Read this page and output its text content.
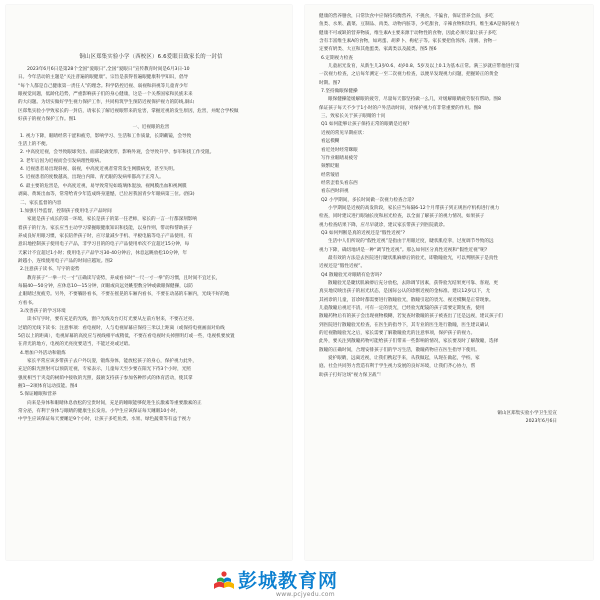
铜山区郑集实验小学（西校区）6.6爱眼日致家长的一封信
2023年6月6日是第28个全国“爱眼日”,全国“爱眼日”宣传教育时间是6月3日-10
日。今年活动的主题是“关注普遍的眼健康”。宗旨是获得普遍眼健康科学知识，倡导
“每个人都是自己健康第一责任人”的理念。科学防控近视、弱视和斜视等儿童青少年
眼视觉问题，低龄化趋势，严重影响孩子们的身心健康，这是一个关系国家和民族未来
的大问题。为切实做好学生视力保护工作，共同构筑学生预防近视保护视力的防线,铜山
区郑集实验小学致家长的一封信，请家长了解近视眼带来的危害，掌握近视的发生原因，危害，并配合学校做
好孩子的视力保护工作。图1
一、近视眼的危害
1. 视力下降，眼睛经常干涩和疲劳，影响学习、生活和工作质量，长期戴镜，会导致
生活上的不便。
2. 中高度近视，会导致眼球突出、面部轮廓变形，影响外观，会导致升学、参军和找工作受阻。
3. 老年后因为近视而会引发病理性眼病。
4. 近视患者易出现斜视、弱视，中高度近视者常常发生网膜病变，甚至失明。
5. 近视患者的度数越高，出现白内障、青光眼的发病率都高于正常人。
6. 最主要的危害是，中高度近视，易导致常见如玻璃体混浊、视网膜出血和视网膜
剥离、黄斑出血等，常常给青少年造成终身遗憾，已位居我国青少年眼病第三位。(图3)
二、家长监督的内容
1.加强引导监督，控制孩子使用电子产品时间
家庭是孩子成长的第一环境，家长是孩子的第一任老师，家长的一言一行都深刻影响
着孩子的行为。家长应当主动学习掌握眼健康知识和技能，以身作则，带动和帮助孩子
养成良好用眼习惯，家长陪伴孩子时，应尽量减少手机、平板电脑等电子产品使用，有
意识地控制孩子使用电子产品，非学习目的的电子产品使用单次不宜超过15分钟，每
天累计不宜超过1小时；使用电子产品学习30-40分钟后，休息远眺放松10分钟，年
龄越小，连续使用电子产品的时间应越短。图2
2.注意孩子读书、写字的姿势
教育孩子“一拳一尺一寸”正确读写姿势，养成看书时“一尺一寸一拳”的习惯，且时间不宜过长，
每隔40—50分钟，应休息10—15分钟，闭眼或向远处眺望数分钟或做眼保健操，以防
止眼睛过度疲劳。另外，不要躺卧看书，不要在摇晃的车厢内看书，不要在动荡的车厢内，光线不好的地
方看书。
3.改善孩子的学习环境
读书写字时，要有充足的光线，窗户光线及台灯灯光要从左前方射来，不要在过亮、
过暗的光线下读书；注意事项：看电视时，人与电视屏幕应保持三米以上距离（或保持电视画面对角线
5倍以上的距离），电视屏幕的高度应与视线相平或稍低，不要在看电视时关掉照明灯或一些，电视机要放置
在背光的地方，电视的光亮度要适当，不能过亮或过暗。
4.增加户外活动和锻炼
家长平常应该多带孩子去户外玩耍，锻炼身体，能放松孩子的身心，保护视力此外，
充足的阳光照射可以预防近视，专家表示，儿童每天至少要在阳光下待3个小时，光照
强度相当于夹竞的树荫中接收的光照，鼓励支持孩子参加各种形式的体育活动，使其掌
握1—2项体育运动技能。图4
5.保证睡眠和营养
向来是身体和眼睛休息放松的宝贵时间，充足的睡眠能够促进生长激素等重要激素的正
常分泌，有利于身体与眼睛的健康生长发育。小学生应该保证每天睡眠10小时，
中学生应该保证每天要睡足9个小时，让孩子多吃鱼类、水果、绿色蔬菜等有益于视力
健康的营养膳食，日常饮食中应保持均衡营养，不挑食，不偏食，保证营养全面，多吃
鱼类、水果、蔬菜、豆制品、肉类、动物内脏等，少吃甜食，辛辣食物和饮料，维生素A是保持视力
健康不可或缺的营养物质，维生素A主要来源于动物性的食物，因此必须尽量让孩子多吃
含有丰富维生素A的食物，如鸡蛋、胡萝卜、枸杞子等。家长要把鱼汤汤、清粥、食物一
定要有奶类、大豆和其他蛋类、家禽类以及蔬类。图5 图6
6.定期视力检查
儿童屈光发育，从新生儿3岁0.6、4岁0.8、5岁及以上0.1为基本正常。满三岁就应带他进行第
一次视力检查，之后每年测定一至二次视力检查，以便早发现视力问题，把握矫正的黄金
时期。图7
7.坚持做眼保健操
眼保健操能缓解眼的疲劳，尽量每天都坚持做一么几，对缓解眼睛疲劳很有帮助。图8
保证孩子每天不少于1小时的户外活动时间，对保护视力有非常重要的作用。图8
三、致家长关于孩子眼睛的十问
Q1 如何能够让孩子保持正常的眼睛是近视?
近视的常见早期症状：
看远模糊
看近处时经常眯眼
写作业眼睛易疲劳
频繁眨眼
经常皱眉
经常歪着头看东西
看东西时斜视
Q2 小学期间，多长时间做一次视力检查合适?
小学期间是近视的高发阶段，家长应当每隔6-12个月带孩子到正规医疗机构进行视力
检查，同时建议进行眼轴长度和屈光检查，以全面了解孩子的视力情况，如果孩子
视力检查结果下降，应尽早就诊，建议家长带孩子到医院就诊。
Q3 如何判断是真的近视还是“假性近视”?
生活中人们所说的“假性近视”是指由于用眼过度，睫状肌痉挛，过度调节导致的远
视力下降，确切地讲是一种“调节性近视”。那么如何区分真性近视和“假性近视”呢?
最有效的方法是去医院进行睫状肌麻痹后的验光，即散瞳验光，可以判断孩子是真性
近视还是“假性近视”。
Q4 散瞳验光对眼睛有危害吗?
散瞳验光是睫状肌麻痹后充分放松，去除调节因素，获得验光结果更可靠、客观、更
真实地反映出孩子的屈光状态，是国际公认的诊断近视的金标准。建议12岁以下，尤
其初诊的儿童，首诊时都需要进行散瞳验光，散瞳引起的畏光、视近模糊是正常现象。
儿童散瞳后视近不清，可有一定的畏光，已经验光配镜的孩子需要定期复查，使用
散瞳药物后有的孩子会出现视物模糊，若复查时散瞳的孩子被查出了还是远视，建议孩子们
到医院进行散瞳验光检查，在医生的指导下，其专业的医生进行散瞳，医生建议确认
的近视散瞳验光之后，家长需要了解散瞳验光的注意事项，保护孩子的视力。
此外，要关注到散瞳药物可能给孩子们带来一些影响的情况，家长要及时了解散瞳，选择
散瞳的正确时间，合理安排孩子们的学习生活，散瞳药物应在医生指导下使用。
爱护眼睛，远离近视，让我们携起手来，从我做起，从现在做起，学校、家
庭、社会共同努力营造有利于学生视力发展的良好环境，让我们齐心协力，帮
助孩子打好这场“视力保卫战”！
铜山区郑集实验小学卫生室宣
2023年6月6日
彭城教育网
www.pcjyedu.com
